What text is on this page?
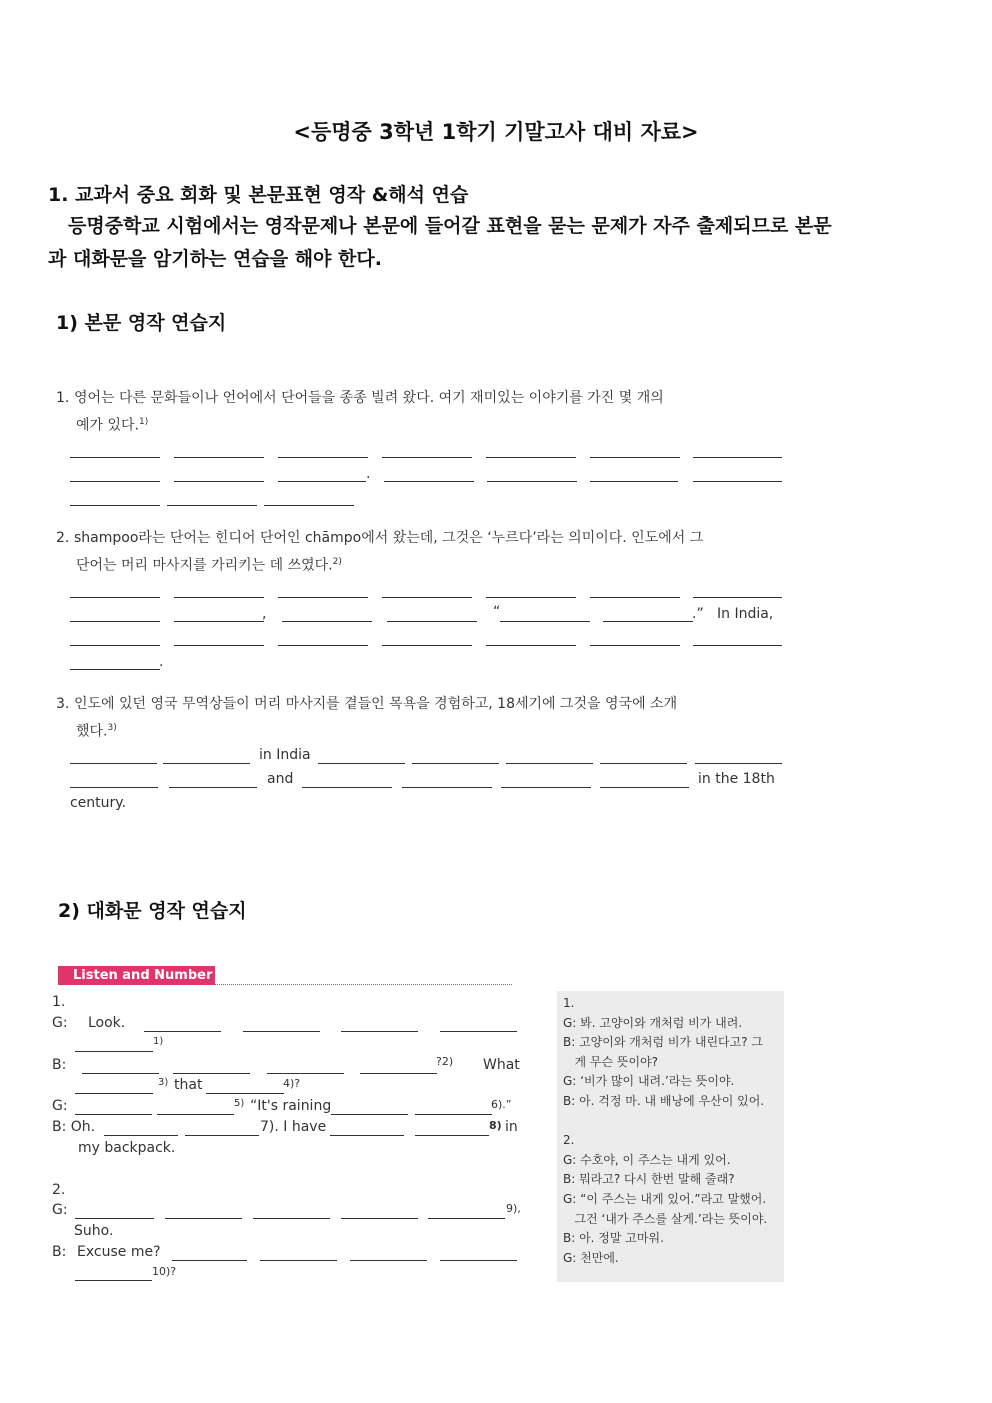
<등명중 3학년 1학기 기말고사 대비 자료>
1. 교과서 중요 회화 및 본문표현 영작 &해석 연습
등명중학교 시험에서는 영작문제나 본문에 들어갈 표현을 묻는 문제가 자주 출제되므로 본문
과 대화문을 암기하는 연습을 해야 한다.
1) 본문 영작 연습지
1. 영어는 다른 문화들이나 언어에서 단어들을 종종 빌려 왔다. 여기 재미있는 이야기를 가진 몇 개의
예가 있다.$^{1)}$
.
2. shampoo라는 단어는 힌디어 단어인 chāmpo에서 왔는데, 그것은 ‘누르다’라는 의미이다. 인도에서 그
단어는 머리 마사지를 가리키는 데 쓰였다.$^{2)}$
,	“	.” In India,
.
3. 인도에 있던 영국 무역상들이 머리 마사지를 곁들인 목욕을 경험하고, 18세기에 그것을 영국에 소개
했다.$^{3)}$
in India
and	in the 18th
century.
2) 대화문 영작 연습지
Listen and Number
1.
G: Look.
1)
B:	?2) What
3) that	4)?
G:	5) “It's raining	6).”
B: Oh.	7). I have	8) in
my backpack.
2.
G:	9),
Suho.
B: Excuse me?
10)?
1.
G: 봐. 고양이와 개처럼 비가 내려.
B: 고양이와 개처럼 비가 내린다고? 그
게 무슨 뜻이야?
G: ‘비가 많이 내려.’라는 뜻이야.
B: 아. 걱정 마. 내 배낭에 우산이 있어.
2.
G: 수호야, 이 주스는 내게 있어.
B: 뭐라고? 다시 한번 말해 줄래?
G: “이 주스는 내게 있어.”라고 말했어.
그건 ‘내가 주스를 살게.’라는 뜻이야.
B: 아. 정말 고마워.
G: 천만에.
